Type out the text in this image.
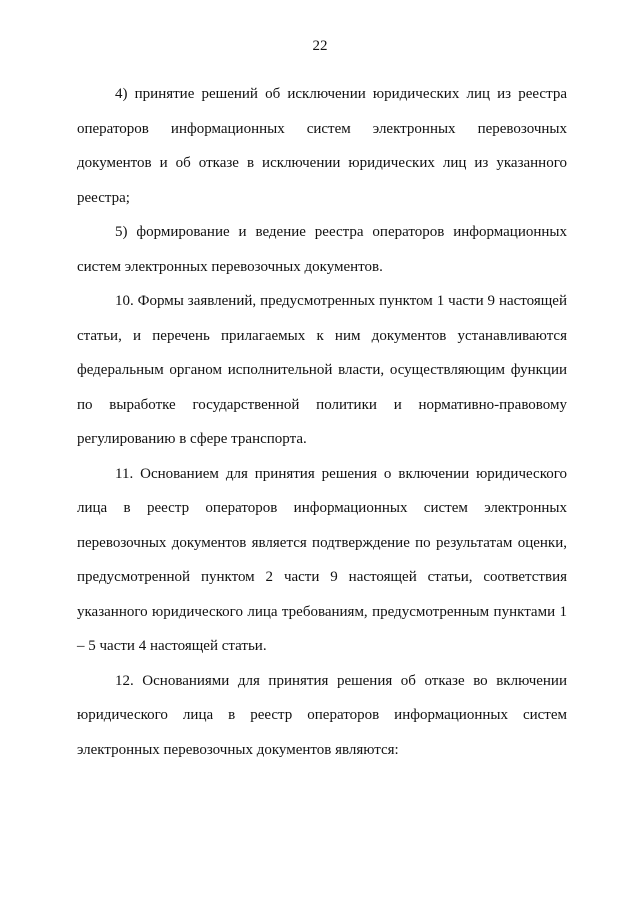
22

4) принятие решений об исключении юридических лиц из реестра операторов информационных систем электронных перевозочных документов и об отказе в исключении юридических лиц из указанного реестра;

5) формирование и ведение реестра операторов информационных систем электронных перевозочных документов.

10. Формы заявлений, предусмотренных пунктом 1 части 9 настоящей статьи, и перечень прилагаемых к ним документов устанавливаются федеральным органом исполнительной власти, осуществляющим функции по выработке государственной политики и нормативно-правовому регулированию в сфере транспорта.

11. Основанием для принятия решения о включении юридического лица в реестр операторов информационных систем электронных перевозочных документов является подтверждение по результатам оценки, предусмотренной пунктом 2 части 9 настоящей статьи, соответствия указанного юридического лица требованиям, предусмотренным пунктами 1 – 5 части 4 настоящей статьи.

12. Основаниями для принятия решения об отказе во включении юридического лица в реестр операторов информационных систем электронных перевозочных документов являются:
